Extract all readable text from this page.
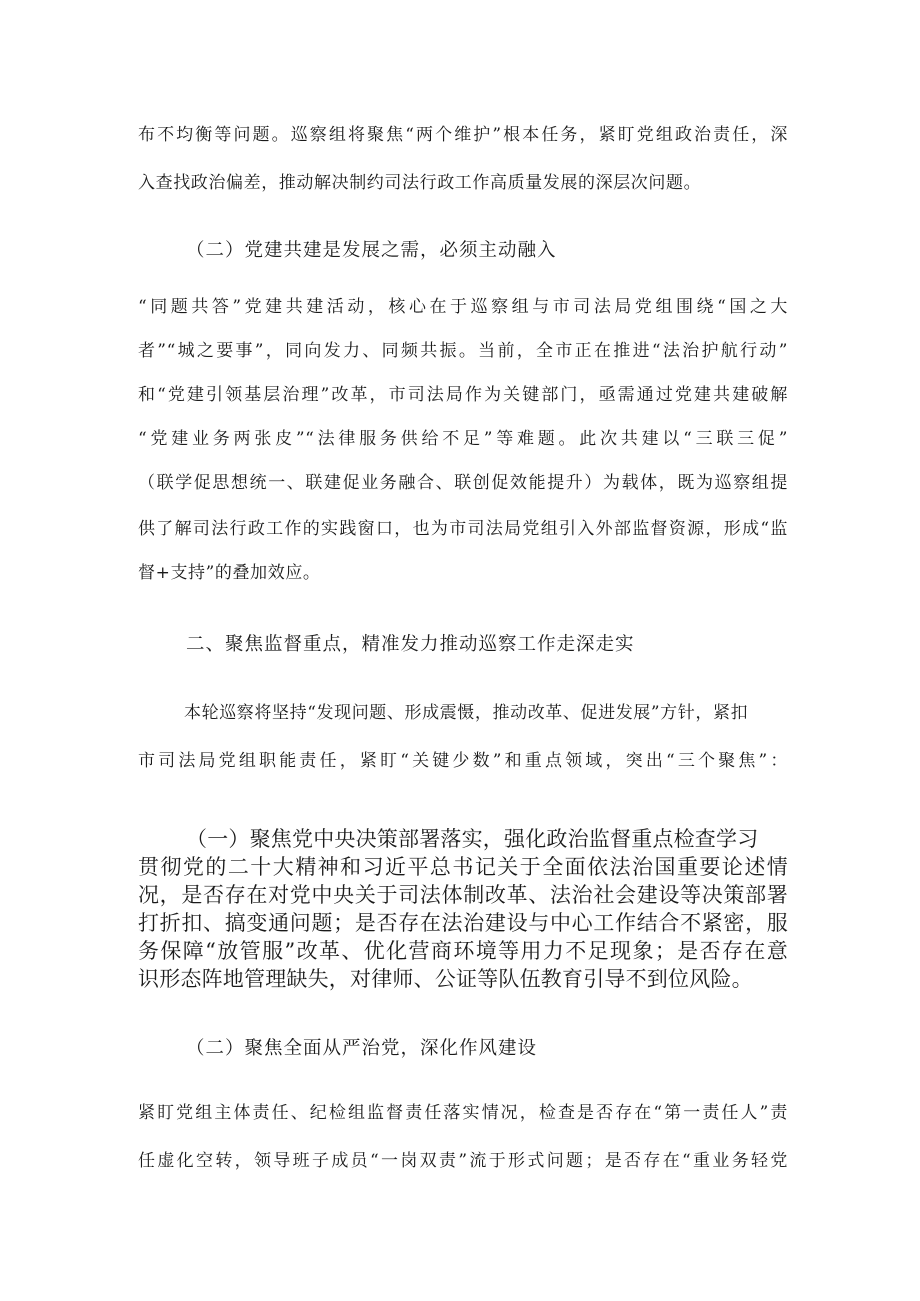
布不均衡等问题。巡察组将聚焦“两个维护”根本任务，紧盯党组政治责任，深
入查找政治偏差，推动解决制约司法行政工作高质量发展的深层次问题。
（二）党建共建是发展之需，必须主动融入
“同题共答”党建共建活动，核心在于巡察组与市司法局党组围绕“国之大
者”“城之要事”，同向发力、同频共振。当前，全市正在推进“法治护航行动”
和“党建引领基层治理”改革，市司法局作为关键部门，亟需通过党建共建破解
“党建业务两张皮”“法律服务供给不足”等难题。此次共建以“三联三促”
（联学促思想统一、联建促业务融合、联创促效能提升）为载体，既为巡察组提
供了解司法行政工作的实践窗口，也为市司法局党组引入外部监督资源，形成“监
督+支持”的叠加效应。
二、聚焦监督重点，精准发力推动巡察工作走深走实
本轮巡察将坚持“发现问题、形成震慑，推动改革、促进发展”方针，紧扣
市司法局党组职能责任，紧盯“关键少数”和重点领域，突出“三个聚焦”：
（一）聚焦党中央决策部署落实，强化政治监督重点检查学习
贯彻党的二十大精神和习近平总书记关于全面依法治国重要论述情
况，是否存在对党中央关于司法体制改革、法治社会建设等决策部署
打折扣、搞变通问题；是否存在法治建设与中心工作结合不紧密，服
务保障“放管服”改革、优化营商环境等用力不足现象；是否存在意
识形态阵地管理缺失，对律师、公证等队伍教育引导不到位风险。
（二）聚焦全面从严治党，深化作风建设
紧盯党组主体责任、纪检组监督责任落实情况，检查是否存在“第一责任人”责
任虚化空转，领导班子成员“一岗双责”流于形式问题；是否存在“重业务轻党
